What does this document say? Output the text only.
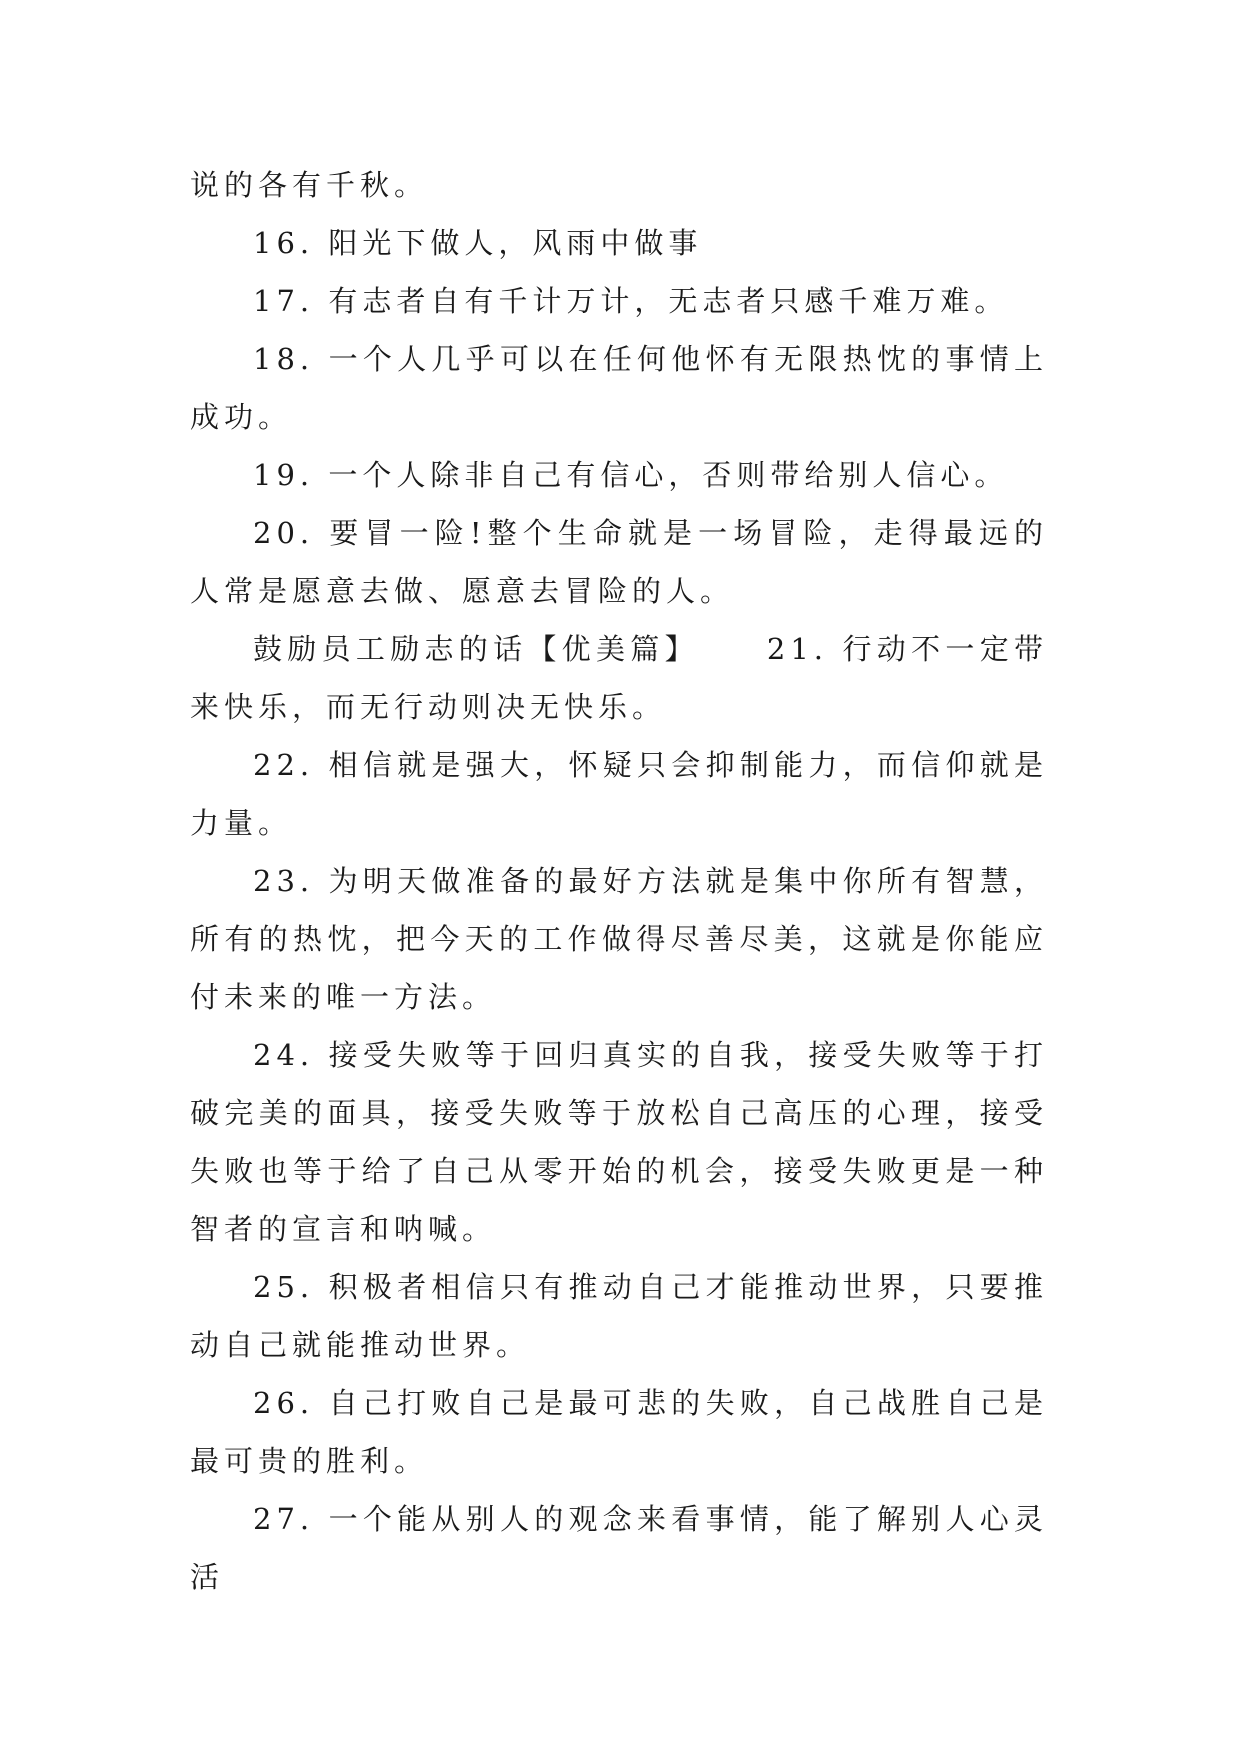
说的各有千秋。

16. 阳光下做人，风雨中做事

17. 有志者自有千计万计，无志者只感千难万难。

18. 一个人几乎可以在任何他怀有无限热忱的事情上成功。

19. 一个人除非自己有信心，否则带给别人信心。

20. 要冒一险!整个生命就是一场冒险，走得最远的人常是愿意去做、愿意去冒险的人。

鼓励员工励志的话【优美篇】 21. 行动不一定带来快乐，而无行动则决无快乐。

22. 相信就是强大，怀疑只会抑制能力，而信仰就是力量。

23. 为明天做准备的最好方法就是集中你所有智慧，所有的热忱，把今天的工作做得尽善尽美，这就是你能应付未来的唯一方法。

24. 接受失败等于回归真实的自我，接受失败等于打破完美的面具，接受失败等于放松自己高压的心理，接受失败也等于给了自己从零开始的机会，接受失败更是一种智者的宣言和呐喊。

25. 积极者相信只有推动自己才能推动世界，只要推动自己就能推动世界。

26. 自己打败自己是最可悲的失败，自己战胜自己是最可贵的胜利。

27. 一个能从别人的观念来看事情，能了解别人心灵活
